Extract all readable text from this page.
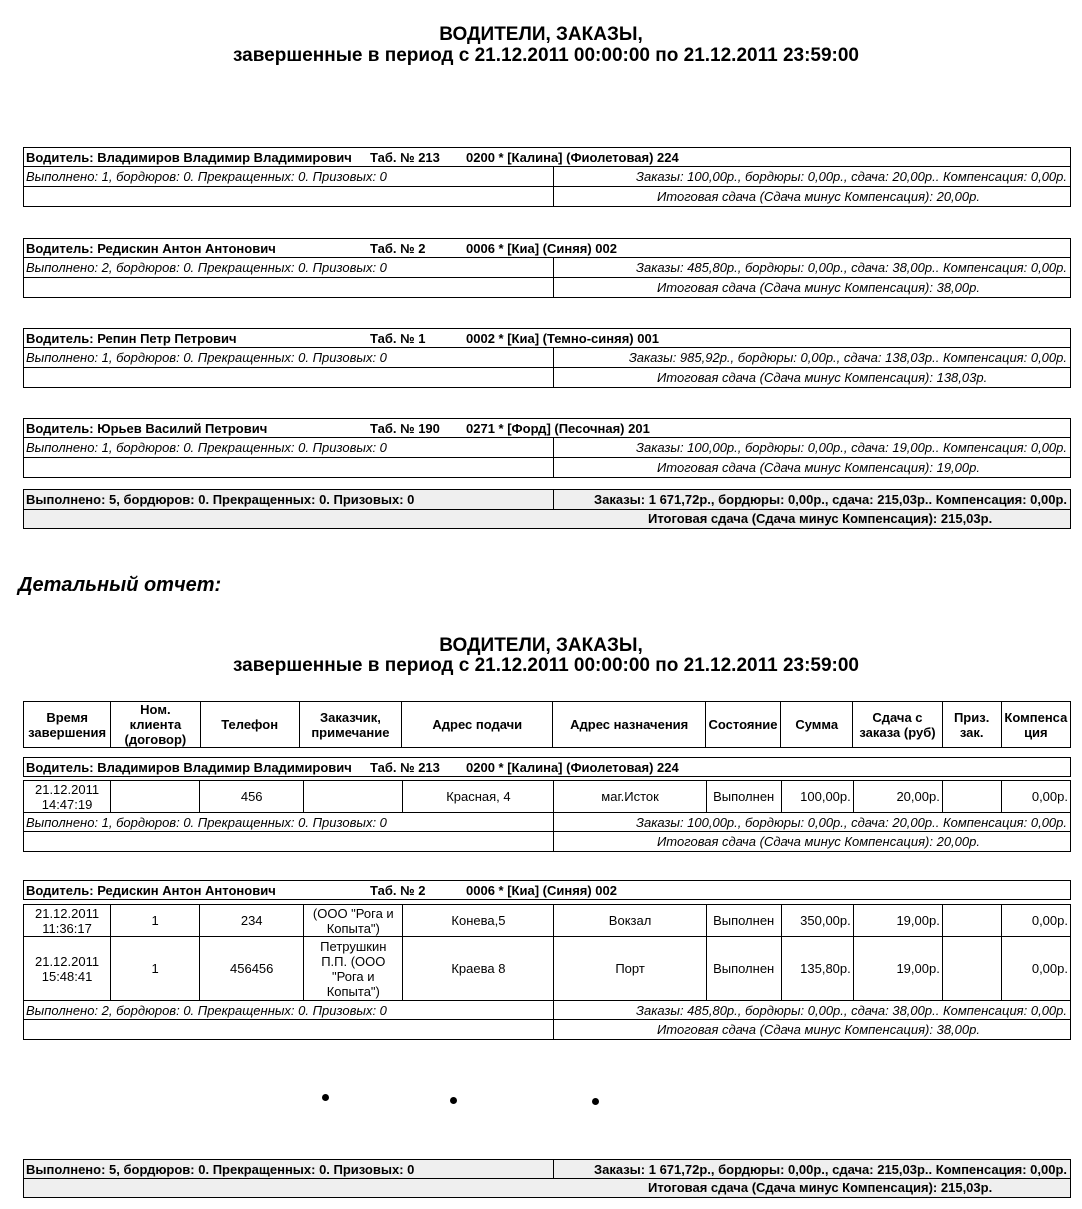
ВОДИТЕЛИ, ЗАКАЗЫ,
завершенные в период с 21.12.2011 00:00:00 по 21.12.2011 23:59:00
Водитель: Владимиров Владимир Владимирович Таб. № 213 0200 * [Калина] (Фиолетовая) 224
Выполнено: 1, бордюров: 0. Прекращенных: 0. Призовых: 0	Заказы: 100,00р., бордюры: 0,00р., сдача: 20,00р.. Компенсация: 0,00р.
Итоговая сдача (Сдача минус Компенсация): 20,00р.
Водитель: Редискин Антон Антонович	Таб. № 2	0006 * [Киа] (Синяя) 002
Выполнено: 2, бордюров: 0. Прекращенных: 0. Призовых: 0	Заказы: 485,80р., бордюры: 0,00р., сдача: 38,00р.. Компенсация: 0,00р.
Итоговая сдача (Сдача минус Компенсация): 38,00р.
Водитель: Репин Петр Петрович	Таб. № 1	0002 * [Киа] (Темно-синяя) 001
Выполнено: 1, бордюров: 0. Прекращенных: 0. Призовых: 0	Заказы: 985,92р., бордюры: 0,00р., сдача: 138,03р.. Компенсация: 0,00р.
Итоговая сдача (Сдача минус Компенсация): 138,03р.
Водитель: Юрьев Василий Петрович	Таб. № 190 0271 * [Форд] (Песочная) 201
Выполнено: 1, бордюров: 0. Прекращенных: 0. Призовых: 0	Заказы: 100,00р., бордюры: 0,00р., сдача: 19,00р.. Компенсация: 0,00р.
Итоговая сдача (Сдача минус Компенсация): 19,00р.
Выполнено: 5, бордюров: 0. Прекращенных: 0. Призовых: 0	Заказы: 1 671,72р., бордюры: 0,00р., сдача: 215,03р.. Компенсация: 0,00р.
Итоговая сдача (Сдача минус Компенсация): 215,03р.
Детальный отчет:
ВОДИТЕЛИ, ЗАКАЗЫ,
завершенные в период с 21.12.2011 00:00:00 по 21.12.2011 23:59:00
Время завершения	Ном. клиента (договор)	Телефон	Заказчик, примечание	Адрес подачи	Адрес назначения	Состояние	Сумма	Сдача с заказа (руб)	Приз. зак.	Компенса ция
Водитель: Владимиров Владимир Владимирович Таб. № 213 0200 * [Калина] (Фиолетовая) 224
21.12.2011 14:47:19		456		Красная, 4	маг.Исток	Выполнен	100,00р.	20,00р.		0,00р.
Выполнено: 1, бордюров: 0. Прекращенных: 0. Призовых: 0	Заказы: 100,00р., бордюры: 0,00р., сдача: 20,00р.. Компенсация: 0,00р.
Итоговая сдача (Сдача минус Компенсация): 20,00р.
Водитель: Редискин Антон Антонович	Таб. № 2	0006 * [Киа] (Синяя) 002
21.12.2011 11:36:17	1	234	(ООО "Рога и Копыта")	Конева,5	Вокзал	Выполнен	350,00р.	19,00р.		0,00р.
21.12.2011 15:48:41	1	456456	Петрушкин П.П. (ООО "Рога и Копыта")	Краева 8	Порт	Выполнен	135,80р.	19,00р.		0,00р.
Выполнено: 2, бордюров: 0. Прекращенных: 0. Призовых: 0	Заказы: 485,80р., бордюры: 0,00р., сдача: 38,00р.. Компенсация: 0,00р.
Итоговая сдача (Сдача минус Компенсация): 38,00р.
Выполнено: 5, бордюров: 0. Прекращенных: 0. Призовых: 0	Заказы: 1 671,72р., бордюры: 0,00р., сдача: 215,03р.. Компенсация: 0,00р.
Итоговая сдача (Сдача минус Компенсация): 215,03р.
